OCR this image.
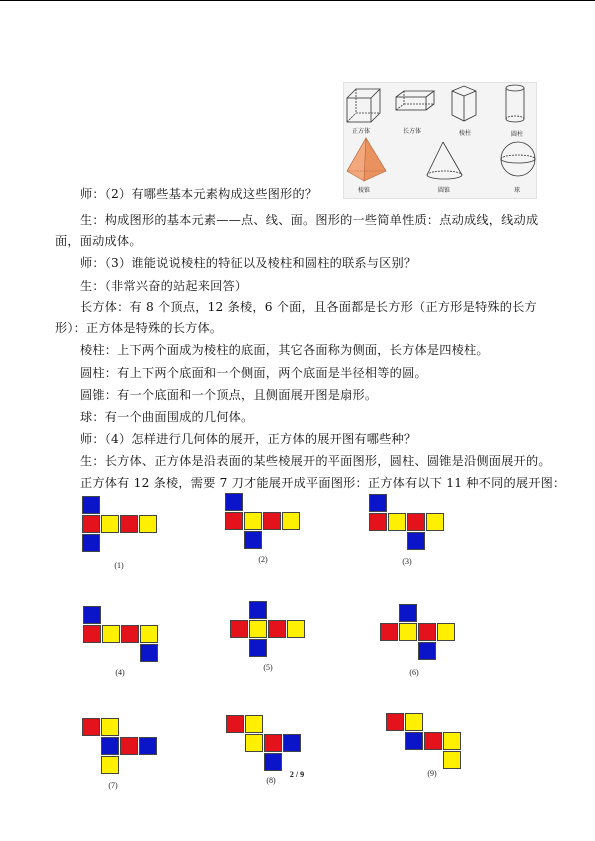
正方体	长方体	棱柱	圆柱
棱锥	圆锥	球
师：（2）有哪些基本元素构成这些图形的？
生：构成图形的基本元素——点、线、面。图形的一些简单性质：点动成线，线动成
面，面动成体。
师：（3）谁能说说棱柱的特征以及棱柱和圆柱的联系与区别？
生：（非常兴奋的站起来回答）
长方体：有 8 个顶点，12 条棱，6 个面，且各面都是长方形（正方形是特殊的长方
形）：正方体是特殊的长方体。
棱柱：上下两个面成为棱柱的底面，其它各面称为侧面，长方体是四棱柱。
圆柱：有上下两个底面和一个侧面，两个底面是半径相等的圆。
圆锥：有一个底面和一个顶点，且侧面展开图是扇形。
球：有一个曲面围成的几何体。
师：（4）怎样进行几何体的展开，正方体的展开图有哪些种？
生：长方体、正方体是沿表面的某些棱展开的平面图形，圆柱、圆锥是沿侧面展开的。
正方体有 12 条棱，需要 7 刀才能展开成平面图形：正方体有以下 11 种不同的展开图：
(1)
(2)	(3)
(4)
(5)
(6)
(7)
(8)
(9)
2 / 9
